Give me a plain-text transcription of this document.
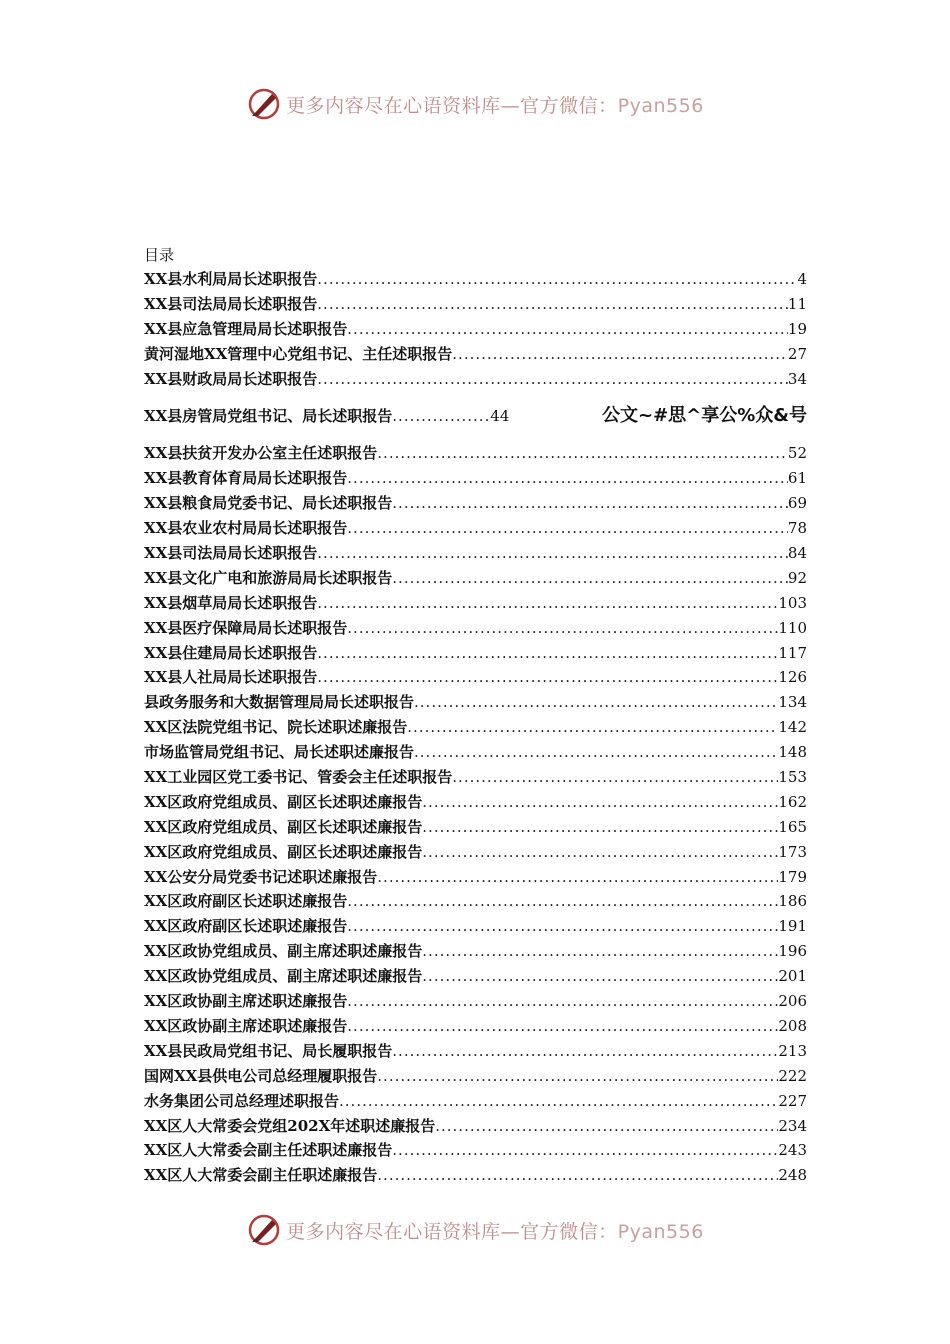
更多内容尽在心语资料库—官方微信：Pyan556
目录
XX县水利局局长述职报告 .....	4
XX县司法局局长述职报告 .....	11
XX县应急管理局局长述职报告 .....	19
黄河湿地XX管理中心党组书记、主任述职报告 .....	27
XX县财政局局长述职报告 .....	34
XX县房管局党组书记、局长述职报告 .....	44	公文~#思^享公%众&号
XX县扶贫开发办公室主任述职报告 .....	52
XX县教育体育局局长述职报告 .....	61
XX县粮食局党委书记、局长述职报告 .....	69
XX县农业农村局局长述职报告 .....	78
XX县司法局局长述职报告 .....	84
XX县文化广电和旅游局局长述职报告 .....	92
XX县烟草局局长述职报告 .....	103
XX县医疗保障局局长述职报告 .....	110
XX县住建局局长述职报告 .....	117
XX县人社局局长述职报告 .....	126
县政务服务和大数据管理局局长述职报告 .....	134
XX区法院党组书记、院长述职述廉报告 .....	142
市场监管局党组书记、局长述职述廉报告 .....	148
XX工业园区党工委书记、管委会主任述职报告 .....	153
XX区政府党组成员、副区长述职述廉报告 .....	162
XX区政府党组成员、副区长述职述廉报告 .....	165
XX区政府党组成员、副区长述职述廉报告 .....	173
XX公安分局党委书记述职述廉报告 .....	179
XX区政府副区长述职述廉报告 .....	186
XX区政府副区长述职述廉报告 .....	191
XX区政协党组成员、副主席述职述廉报告 .....	196
XX区政协党组成员、副主席述职述廉报告 .....	201
XX区政协副主席述职述廉报告 .....	206
XX区政协副主席述职述廉报告 .....	208
XX县民政局党组书记、局长履职报告 .....	213
国网XX县供电公司总经理履职报告 .....	222
水务集团公司总经理述职报告 .....	227
XX区人大常委会党组202X年述职述廉报告 .....	234
XX区人大常委会副主任述职述廉报告 .....	243
XX区人大常委会副主任职述廉报告 .....	248
更多内容尽在心语资料库—官方微信：Pyan556
